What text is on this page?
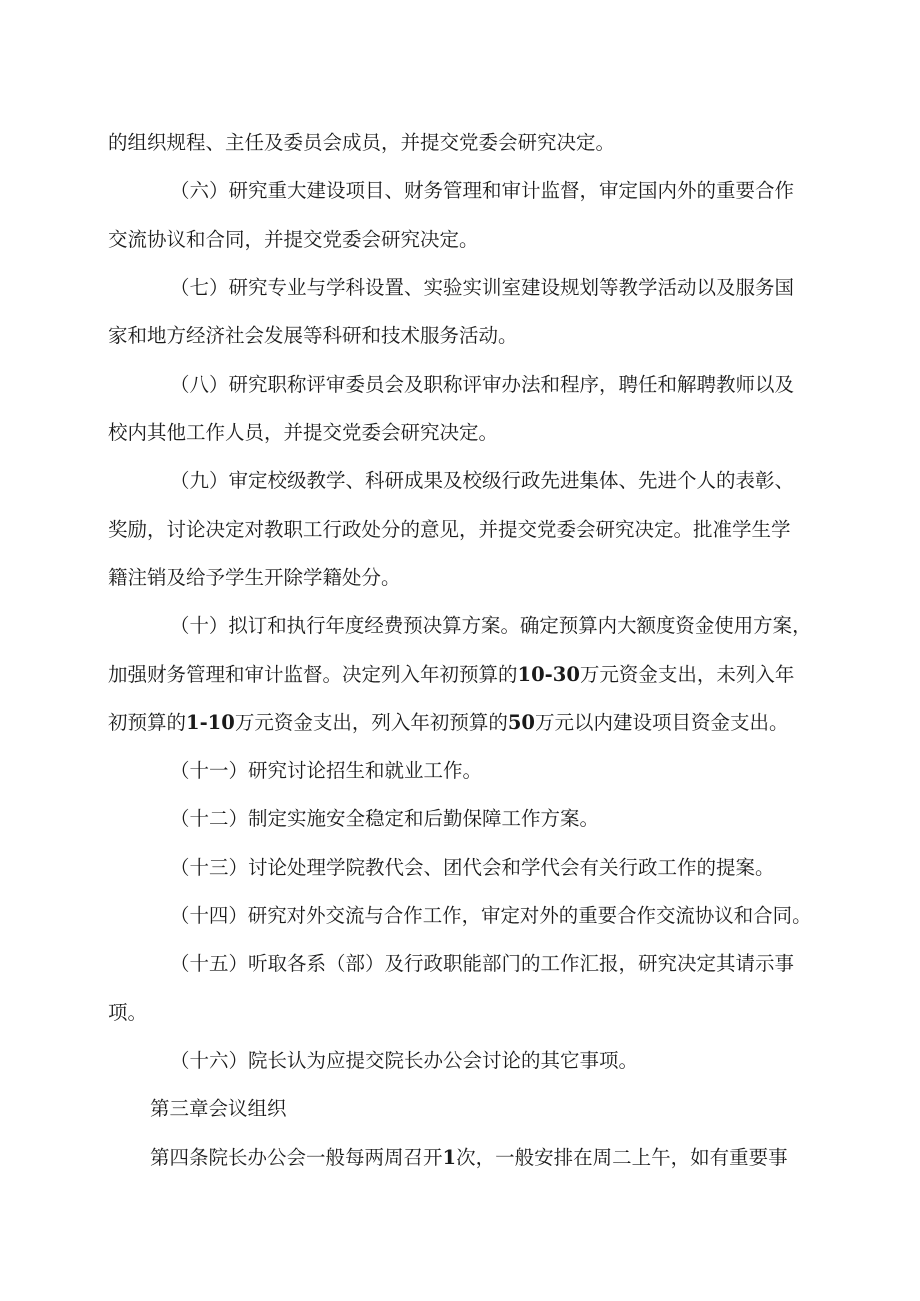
的组织规程、主任及委员会成员，并提交党委会研究决定。
（六）研究重大建设项目、财务管理和审计监督，审定国内外的重要合作
交流协议和合同，并提交党委会研究决定。
（七）研究专业与学科设置、实验实训室建设规划等教学活动以及服务国
家和地方经济社会发展等科研和技术服务活动。
（八）研究职称评审委员会及职称评审办法和程序，聘任和解聘教师以及
校内其他工作人员，并提交党委会研究决定。
（九）审定校级教学、科研成果及校级行政先进集体、先进个人的表彰、
奖励，讨论决定对教职工行政处分的意见，并提交党委会研究决定。批准学生学
籍注销及给予学生开除学籍处分。
（十）拟订和执行年度经费预决算方案。确定预算内大额度资金使用方案，
加强财务管理和审计监督。决定列入年初预算的10-30万元资金支出，未列入年
初预算的1-10万元资金支出，列入年初预算的50万元以内建设项目资金支出。
（十一）研究讨论招生和就业工作。
（十二）制定实施安全稳定和后勤保障工作方案。
（十三）讨论处理学院教代会、团代会和学代会有关行政工作的提案。
（十四）研究对外交流与合作工作，审定对外的重要合作交流协议和合同。
（十五）听取各系（部）及行政职能部门的工作汇报，研究决定其请示事
项。
（十六）院长认为应提交院长办公会讨论的其它事项。
第三章会议组织
第四条院长办公会一般每两周召开1次，一般安排在周二上午，如有重要事
